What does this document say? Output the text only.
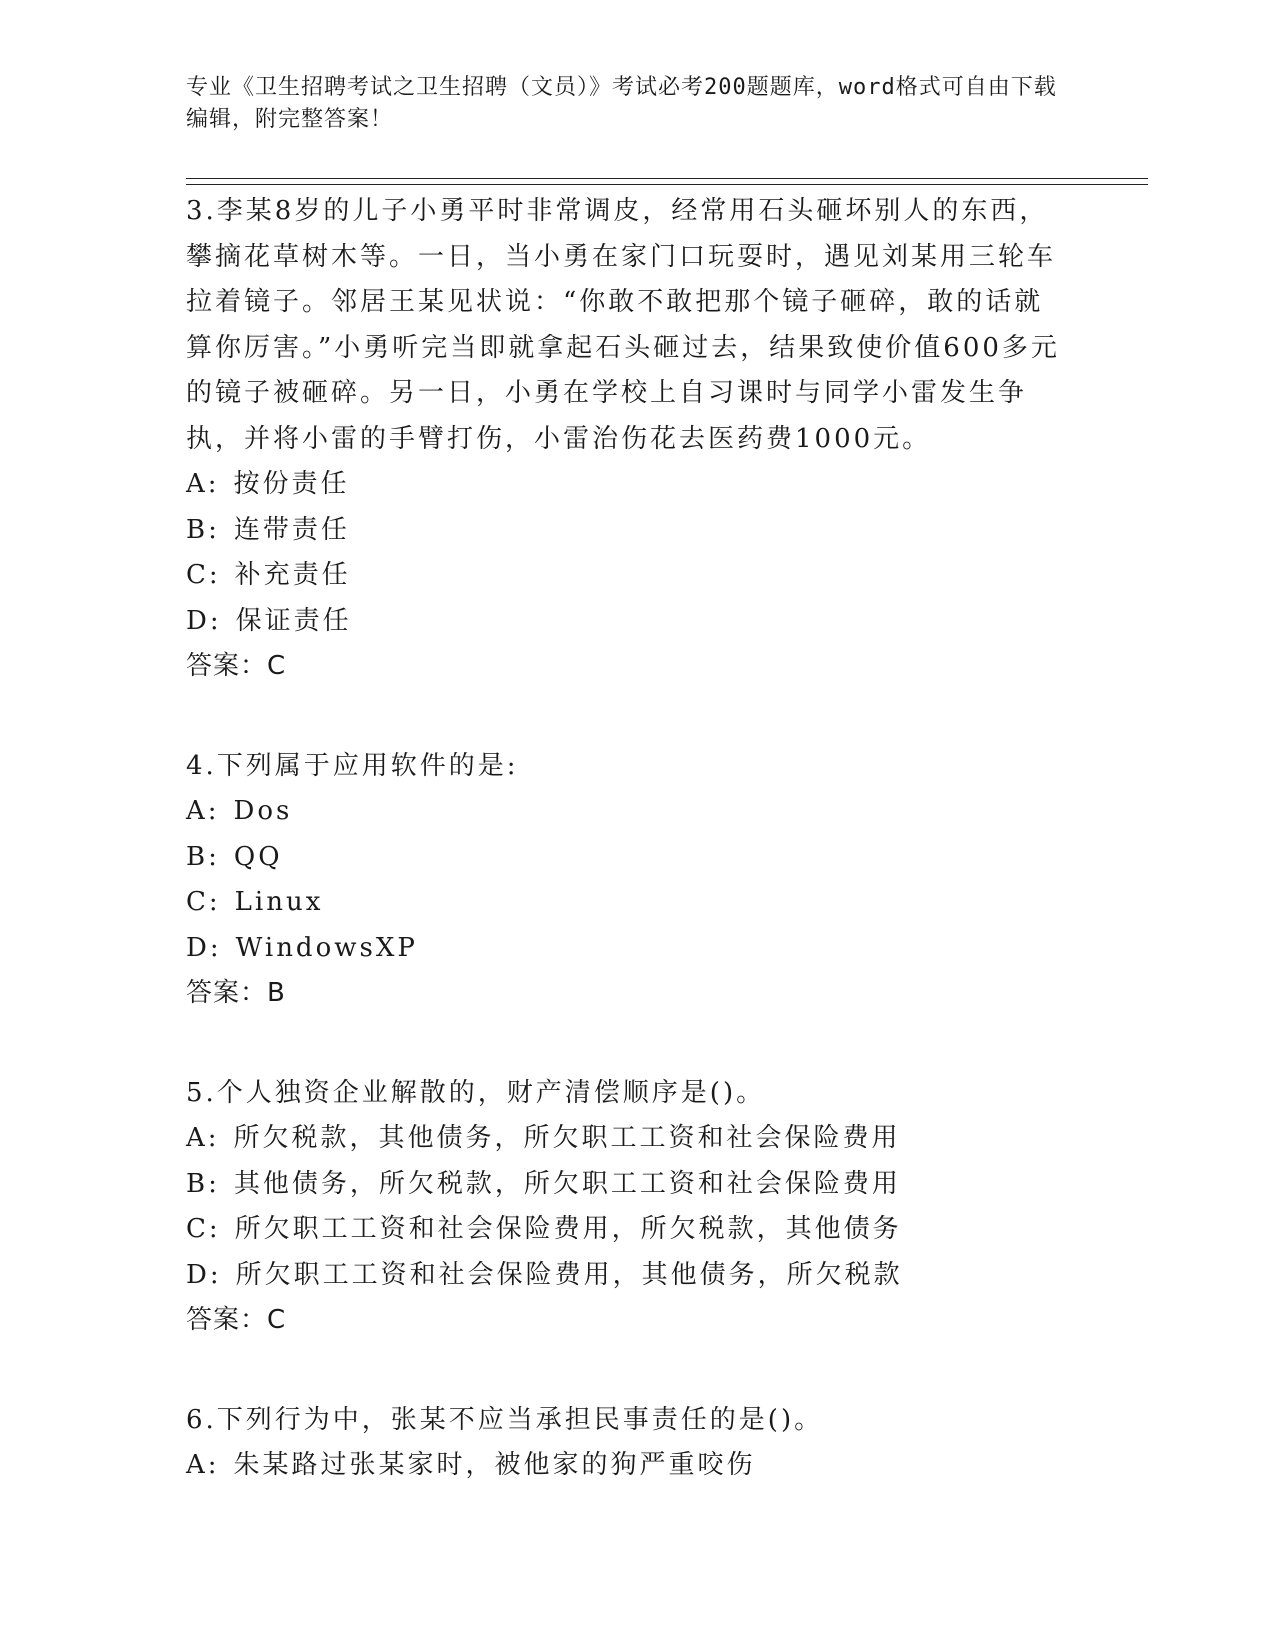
专业《卫生招聘考试之卫生招聘（文员）》考试必考200题题库，word格式可自由下载编辑，附完整答案！
3.李某8岁的儿子小勇平时非常调皮，经常用石头砸坏别人的东西，攀摘花草树木等。一日，当小勇在家门口玩耍时，遇见刘某用三轮车拉着镜子。邻居王某见状说：“你敢不敢把那个镜子砸碎，敢的话就算你厉害。”小勇听完当即就拿起石头砸过去，结果致使价值600多元的镜子被砸碎。另一日，小勇在学校上自习课时与同学小雷发生争执，并将小雷的手臂打伤，小雷治伤花去医药费1000元。
A: 按份责任
B: 连带责任
C: 补充责任
D: 保证责任
答案：C
4.下列属于应用软件的是:
A: Dos
B: QQ
C: Linux
D: WindowsXP
答案：B
5.个人独资企业解散的，财产清偿顺序是()。
A: 所欠税款，其他债务，所欠职工工资和社会保险费用
B: 其他债务，所欠税款，所欠职工工资和社会保险费用
C: 所欠职工工资和社会保险费用，所欠税款，其他债务
D: 所欠职工工资和社会保险费用，其他债务，所欠税款
答案：C
6.下列行为中，张某不应当承担民事责任的是()。
A: 朱某路过张某家时，被他家的狗严重咬伤
